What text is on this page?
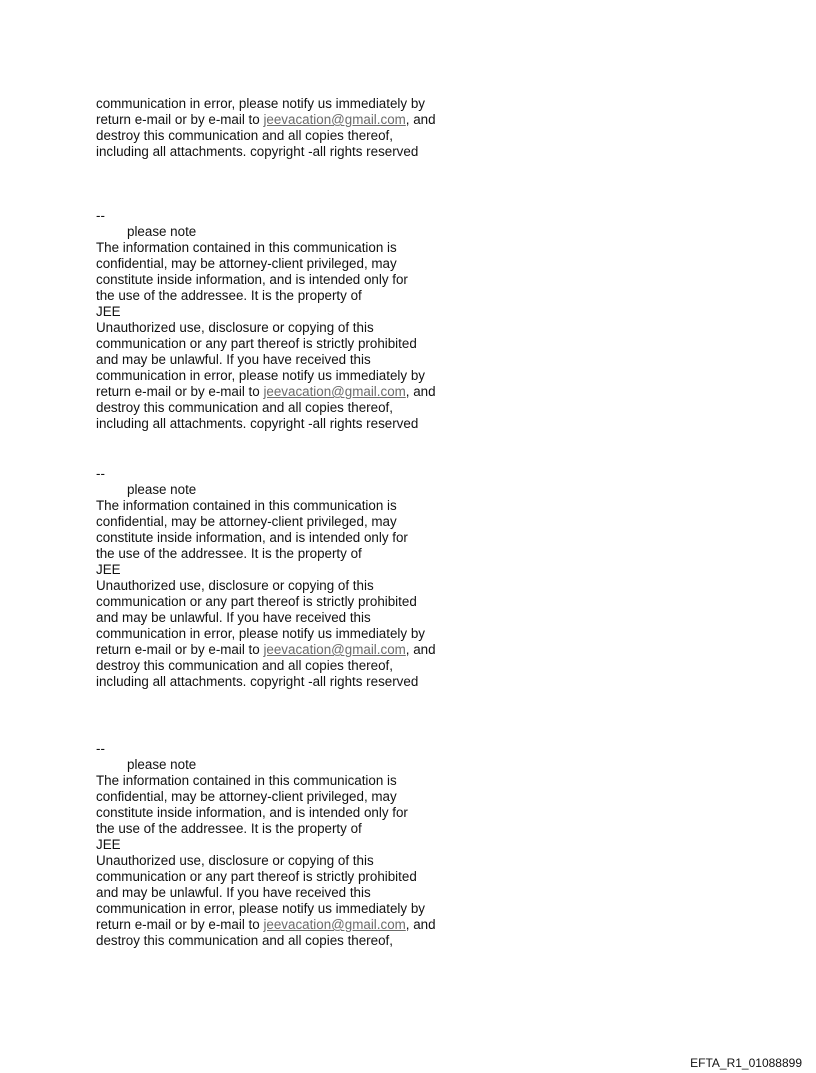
communication in error, please notify us immediately by
return e-mail or by e-mail to jeevacation@gmail.com, and
destroy this communication and all copies thereof,
including all attachments. copyright -all rights reserved
--
please note
The information contained in this communication is
confidential, may be attorney-client privileged, may
constitute inside information, and is intended only for
the use of the addressee. It is the property of
JEE
Unauthorized use, disclosure or copying of this
communication or any part thereof is strictly prohibited
and may be unlawful. If you have received this
communication in error, please notify us immediately by
return e-mail or by e-mail to jeevacation@gmail.com, and
destroy this communication and all copies thereof,
including all attachments. copyright -all rights reserved
--
please note
The information contained in this communication is
confidential, may be attorney-client privileged, may
constitute inside information, and is intended only for
the use of the addressee. It is the property of
JEE
Unauthorized use, disclosure or copying of this
communication or any part thereof is strictly prohibited
and may be unlawful. If you have received this
communication in error, please notify us immediately by
return e-mail or by e-mail to jeevacation@gmail.com, and
destroy this communication and all copies thereof,
including all attachments. copyright -all rights reserved
--
please note
The information contained in this communication is
confidential, may be attorney-client privileged, may
constitute inside information, and is intended only for
the use of the addressee. It is the property of
JEE
Unauthorized use, disclosure or copying of this
communication or any part thereof is strictly prohibited
and may be unlawful. If you have received this
communication in error, please notify us immediately by
return e-mail or by e-mail to jeevacation@gmail.com, and
destroy this communication and all copies thereof,
EFTA_R1_01088899
